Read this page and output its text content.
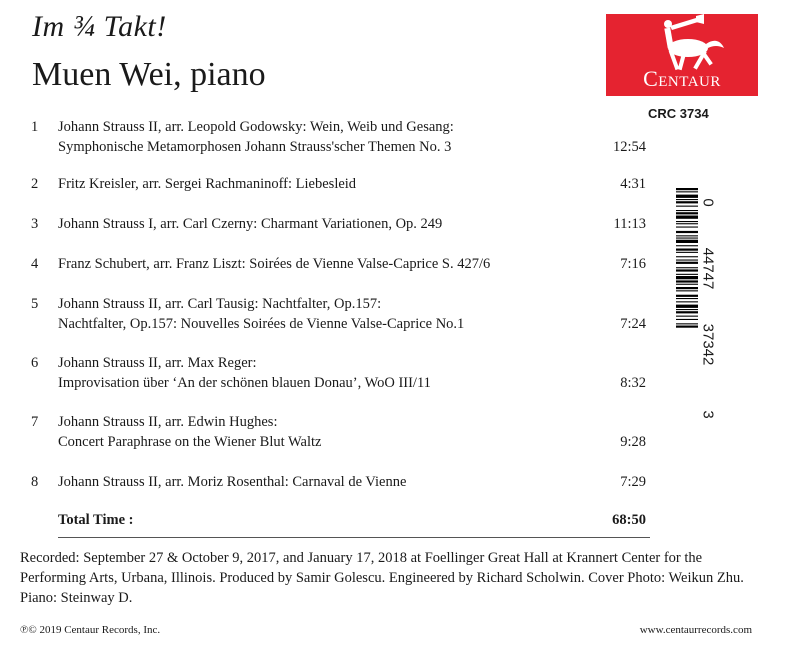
Im ¾ Takt!
Muen Wei, piano	Centaur
CRC 3734
1 Johann Strauss II, arr. Leopold Godowsky: Wein, Weib und Gesang:
Symphonische Metamorphosen Johann Strauss'scher Themen No. 3	12:54
2 Fritz Kreisler, arr. Sergei Rachmaninoff: Liebesleid	4:31
3 Johann Strauss I, arr. Carl Czerny: Charmant Variationen, Op. 249	11:13
4 Franz Schubert, arr. Franz Liszt: Soirées de Vienne Valse-Caprice S. 427/6	7:16
5 Johann Strauss II, arr. Carl Tausig: Nachtfalter, Op.157:
Nachtfalter, Op.157: Nouvelles Soirées de Vienne Valse-Caprice No.1	7:24
6 Johann Strauss II, arr. Max Reger:
Improvisation über ‘An der schönen blauen Donau’, WoO III/11	8:32
7 Johann Strauss II, arr. Edwin Hughes:
Concert Paraphrase on the Wiener Blut Waltz	9:28
8 Johann Strauss II, arr. Moriz Rosenthal: Carnaval de Vienne	7:29
Total Time :	68:50
0
44747
37342
3
Recorded: September 27 & October 9, 2017, and January 17, 2018 at Foellinger Great Hall at Krannert Center for the Performing Arts, Urbana, Illinois. Produced by Samir Golescu. Engineered by Richard Scholwin. Cover Photo: Weikun Zhu. Piano: Steinway D.
℗© 2019 Centaur Records, Inc.	www.centaurrecords.com
